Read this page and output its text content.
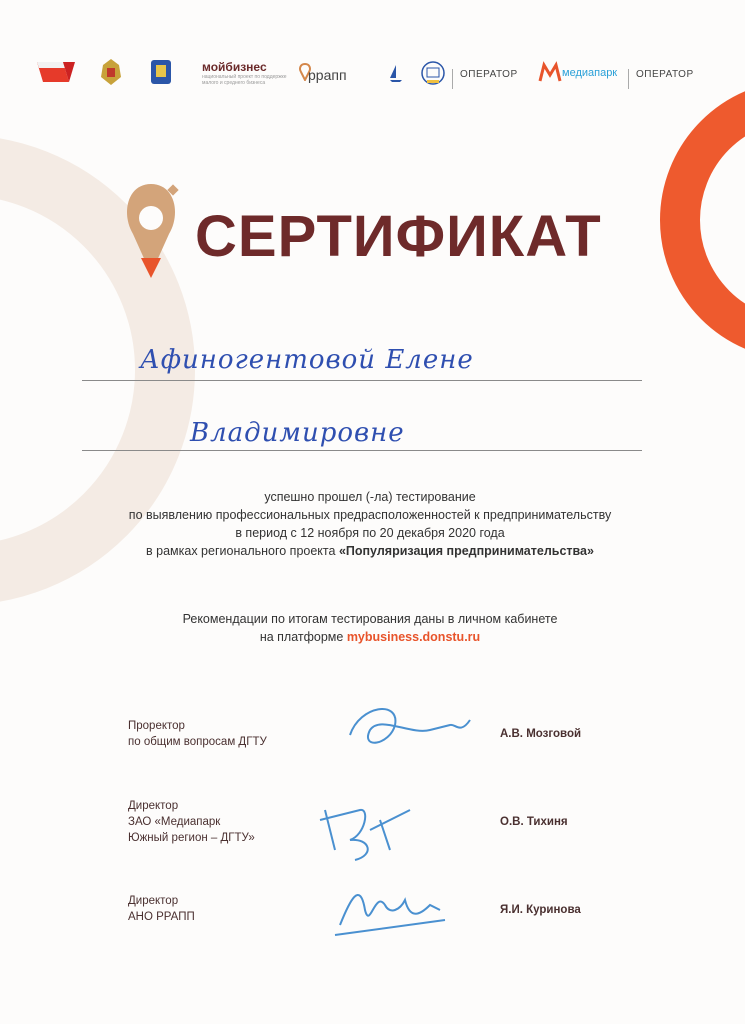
мойбизнес
национальный проект по поддержке малого и среднего бизнеса	ррапп	ОПЕРАТОР	медиапарк ОПЕРАТОР
СЕРТИФИКАТ
Афиногентовой Елене
Владимировне
успешно прошел (-ла) тестирование
по выявлению профессиональных предрасположенностей к предпринимательству
в период с 12 ноября по 20 декабря 2020 года
в рамках регионального проекта «Популяризация предпринимательства»
Рекомендации по итогам тестирования даны в личном кабинете
на платформе mybusiness.donstu.ru
Проректор
по общим вопросам ДГТУ
А.В. Мозговой
Директор
ЗАО «Медиапарк
Южный регион – ДГТУ»
О.В. Тихиня
Директор
АНО РРАПП
Я.И. Куринова
